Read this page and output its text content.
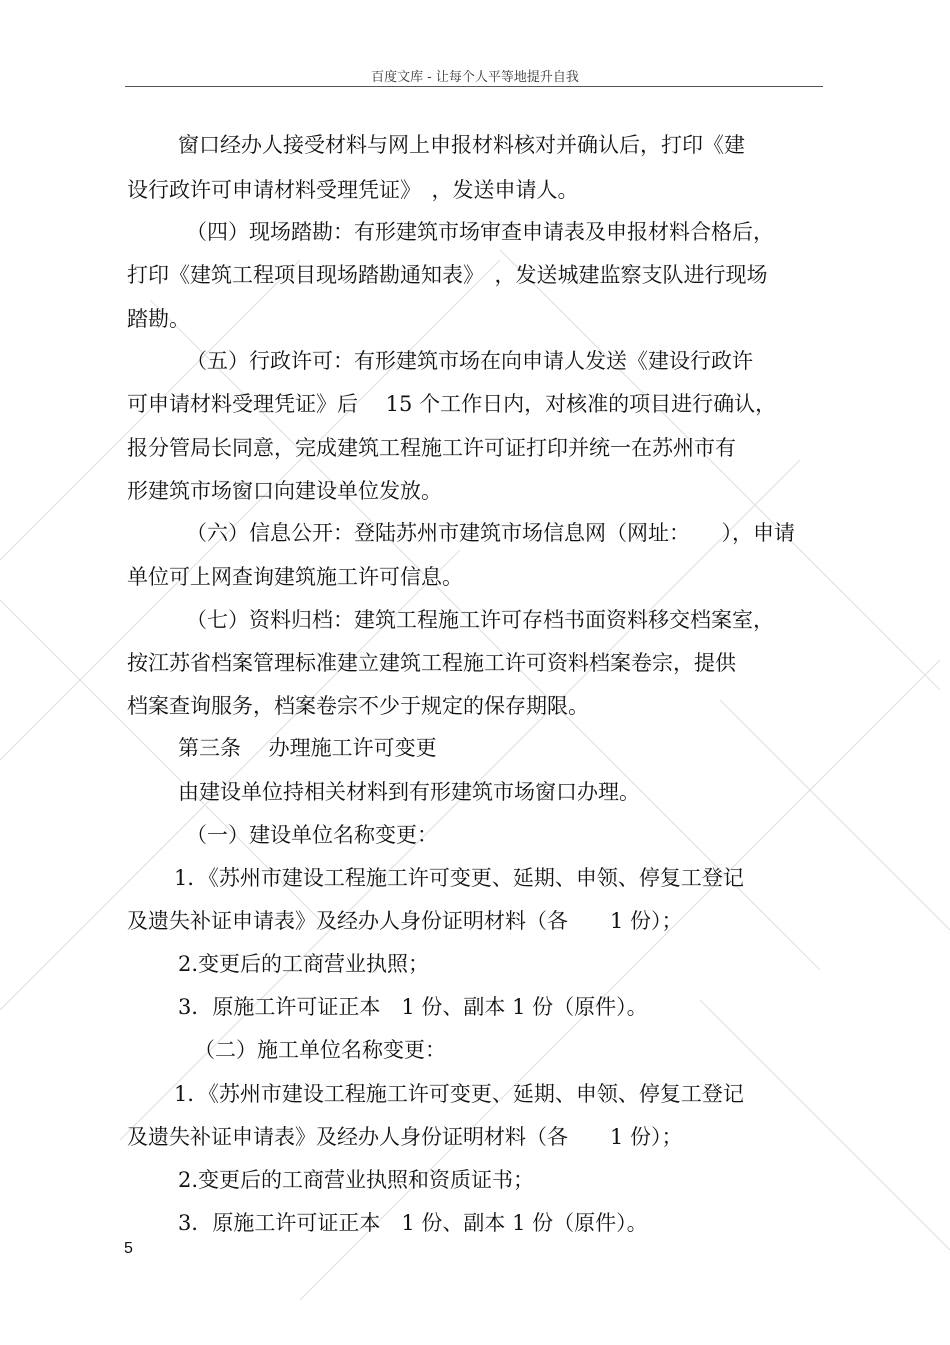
百度文库 - 让每个人平等地提升自我
窗口经办人接受材料与网上申报材料核对并确认后，打印《建
设行政许可申请材料受理凭证》　，发送申请人。
（四）现场踏勘：有形建筑市场审查申请表及申报材料合格后，
打印《建筑工程项目现场踏勘通知表》　，发送城建监察支队进行现场
踏勘。
（五）行政许可：有形建筑市场在向申请人发送《建设行政许
可申请材料受理凭证》后　 15 个工作日内，对核准的项目进行确认，
报分管局长同意，完成建筑工程施工许可证打印并统一在苏州市有
形建筑市场窗口向建设单位发放。
（六）信息公开：登陆苏州市建筑市场信息网（网址：　　），申请
单位可上网查询建筑施工许可信息。
（七）资料归档：建筑工程施工许可存档书面资料移交档案室，
按江苏省档案管理标准建立建筑工程施工许可资料档案卷宗，提供
档案查询服务，档案卷宗不少于规定的保存期限。
第三条　 办理施工许可变更
由建设单位持相关材料到有形建筑市场窗口办理。
（一）建设单位名称变更：
1．《苏州市建设工程施工许可变更、延期、申领、停复工登记
及遗失补证申请表》及经办人身份证明材料（各　　1 份）；
2.变更后的工商营业执照；
3．原施工许可证正本　1 份、副本 1 份（原件）。
（二）施工单位名称变更：
1．《苏州市建设工程施工许可变更、延期、申领、停复工登记
及遗失补证申请表》及经办人身份证明材料（各　　1 份）；
2.变更后的工商营业执照和资质证书；
3．原施工许可证正本　1 份、副本 1 份（原件）。
5
